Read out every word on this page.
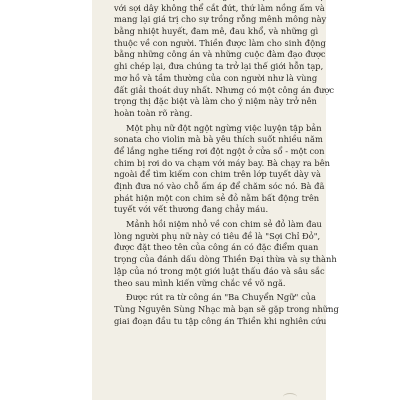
với sợi dây không thể cắt đứt, thứ làm nồng ấm và
mang lại giá trị cho sự trồng rỗng mênh mông này
bằng nhiệt huyết, đam mê, đau khổ, và những gì
thuộc về con người. Thiền được làm cho sinh động
bằng những công án và những cuộc đàm đạo được
ghi chép lại, đưa chúng ta trở lại thế giới hỗn tạp,
mơ hồ và tầm thường của con người như là vùng
đất giải thoát duy nhất. Nhưng có một công án được
trọng thị đặc biệt và làm cho ý niệm này trở nên
hoàn toàn rõ ràng.
Một phụ nữ đột ngột ngừng việc luyện tập bản
sonata cho violin mà bà yêu thích suốt nhiều năm
để lắng nghe tiếng rơi đột ngột ở cửa sổ - một con
chim bị rơi do va chạm với máy bay. Bà chạy ra bên
ngoài để tìm kiếm con chim trên lớp tuyết dày và
định đưa nó vào chỗ ấm áp để chăm sóc nó. Bà đã
phát hiện một con chim sẻ đỏ nằm bất động trên
tuyết với vết thương đang chảy máu.
Mảnh hồi niệm nhỏ về con chim sẻ đỏ làm đau
lòng người phụ nữ này có tiêu đề là "Sợi Chỉ Đỏ",
được đặt theo tên của công án có đặc điểm quan
trọng của đánh dấu dòng Thiền Đại thừa và sự thành
lập của nó trong một giới luật thấu đáo và sâu sắc
theo sau mình kiến vững chắc về võ ngã.
Được rút ra từ công án "Ba Chuyển Ngữ" của
Tùng Nguyên Sùng Nhạc mà bạn sẽ gặp trong những
giai đoạn đầu tu tập công án Thiền khi nghiên cứu
